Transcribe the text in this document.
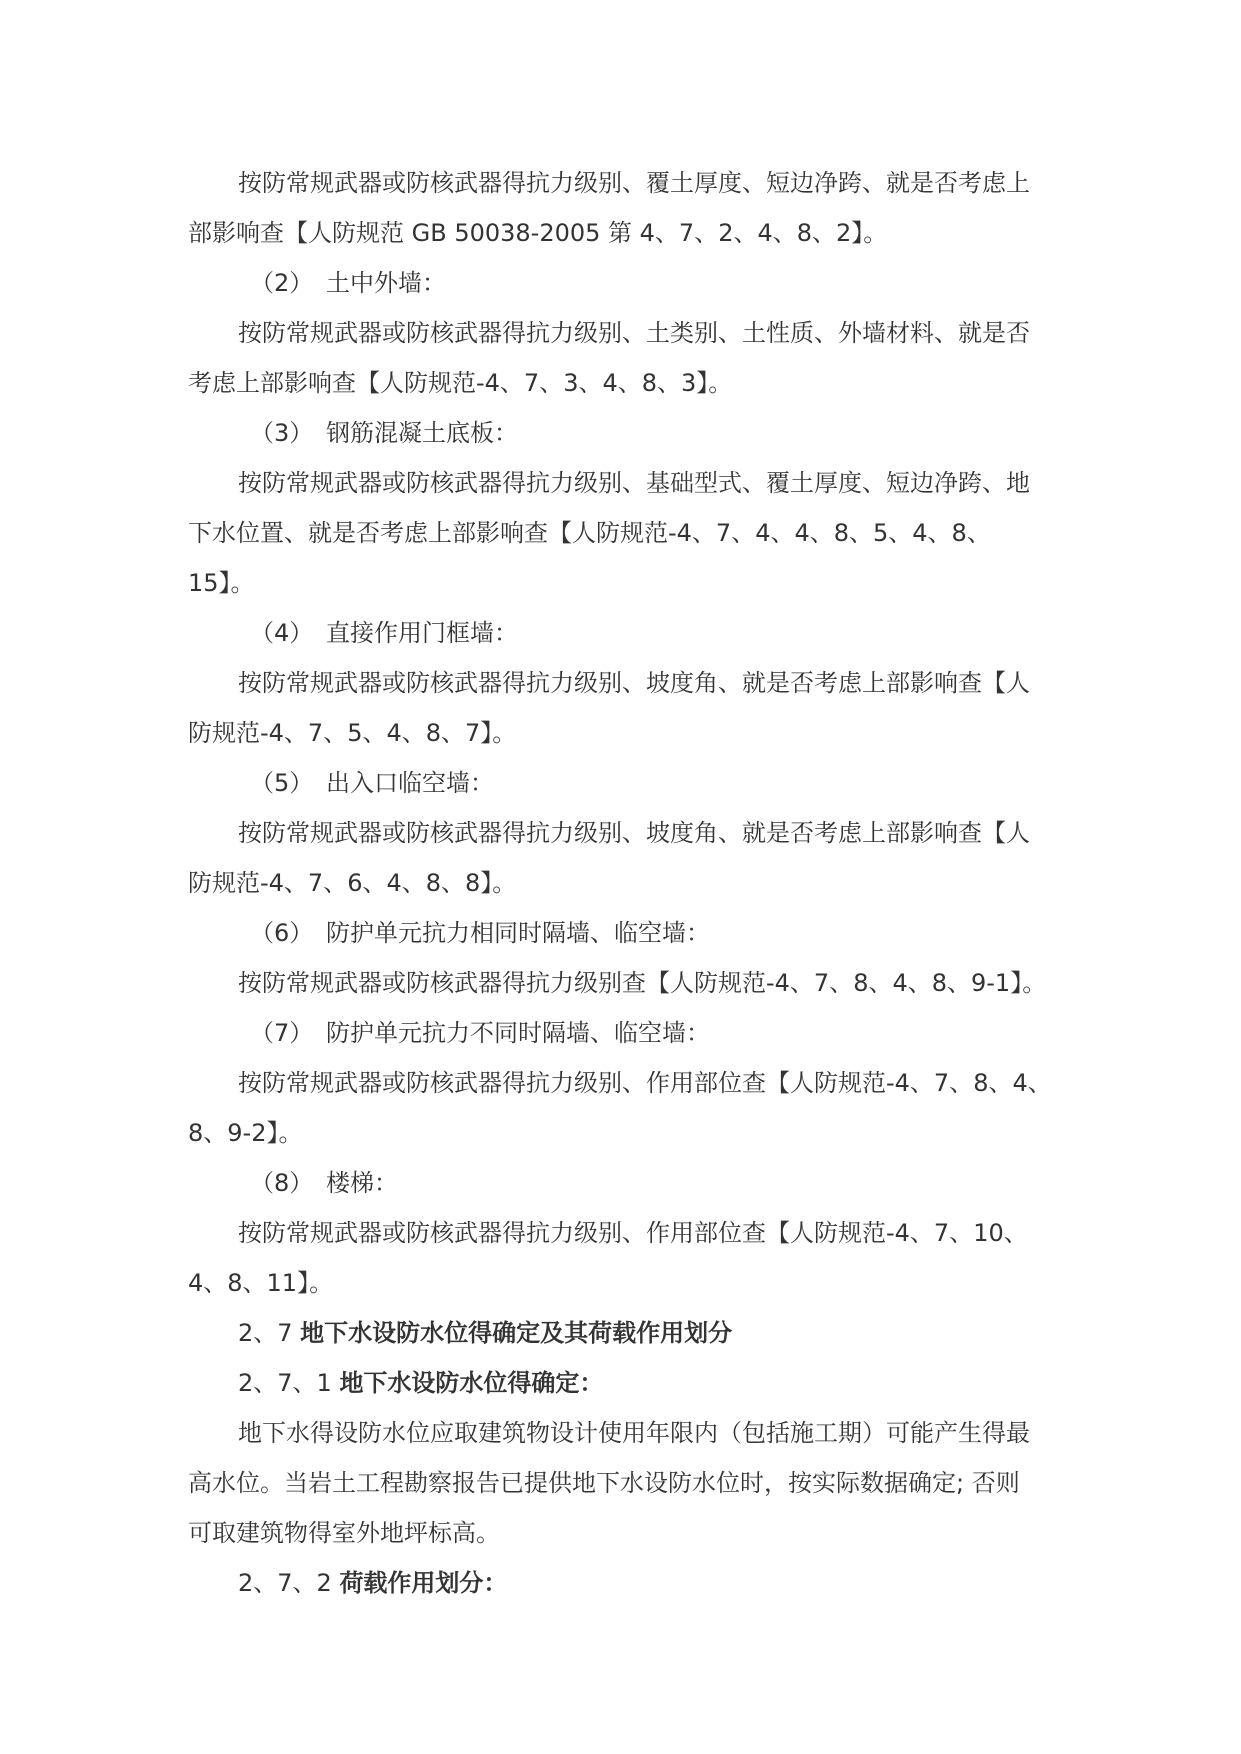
按防常规武器或防核武器得抗力级别、覆土厚度、短边净跨、就是否考虑上
部影响查【人防规范 GB 50038-2005 第 4、7、2、4、8、2】。
（2） 土中外墙：
按防常规武器或防核武器得抗力级别、土类别、土性质、外墙材料、就是否
考虑上部影响查【人防规范-4、7、3、4、8、3】。
（3） 钢筋混凝土底板：
按防常规武器或防核武器得抗力级别、基础型式、覆土厚度、短边净跨、地
下水位置、就是否考虑上部影响查【人防规范-4、7、4、4、8、5、4、8、
15】。
（4） 直接作用门框墙：
按防常规武器或防核武器得抗力级别、坡度角、就是否考虑上部影响查【人
防规范-4、7、5、4、8、7】。
（5） 出入口临空墙：
按防常规武器或防核武器得抗力级别、坡度角、就是否考虑上部影响查【人
防规范-4、7、6、4、8、8】。
（6） 防护单元抗力相同时隔墙、临空墙：
按防常规武器或防核武器得抗力级别查【人防规范-4、7、8、4、8、9-1】。
（7） 防护单元抗力不同时隔墙、临空墙：
按防常规武器或防核武器得抗力级别、作用部位查【人防规范-4、7、8、4、
8、9-2】。
（8） 楼梯：
按防常规武器或防核武器得抗力级别、作用部位查【人防规范-4、7、10、
4、8、11】。
2、7 地下水设防水位得确定及其荷载作用划分
2、7、1 地下水设防水位得确定：
地下水得设防水位应取建筑物设计使用年限内（包括施工期）可能产生得最
高水位。当岩土工程勘察报告已提供地下水设防水位时，按实际数据确定; 否则
可取建筑物得室外地坪标高。
2、7、2 荷载作用划分：
